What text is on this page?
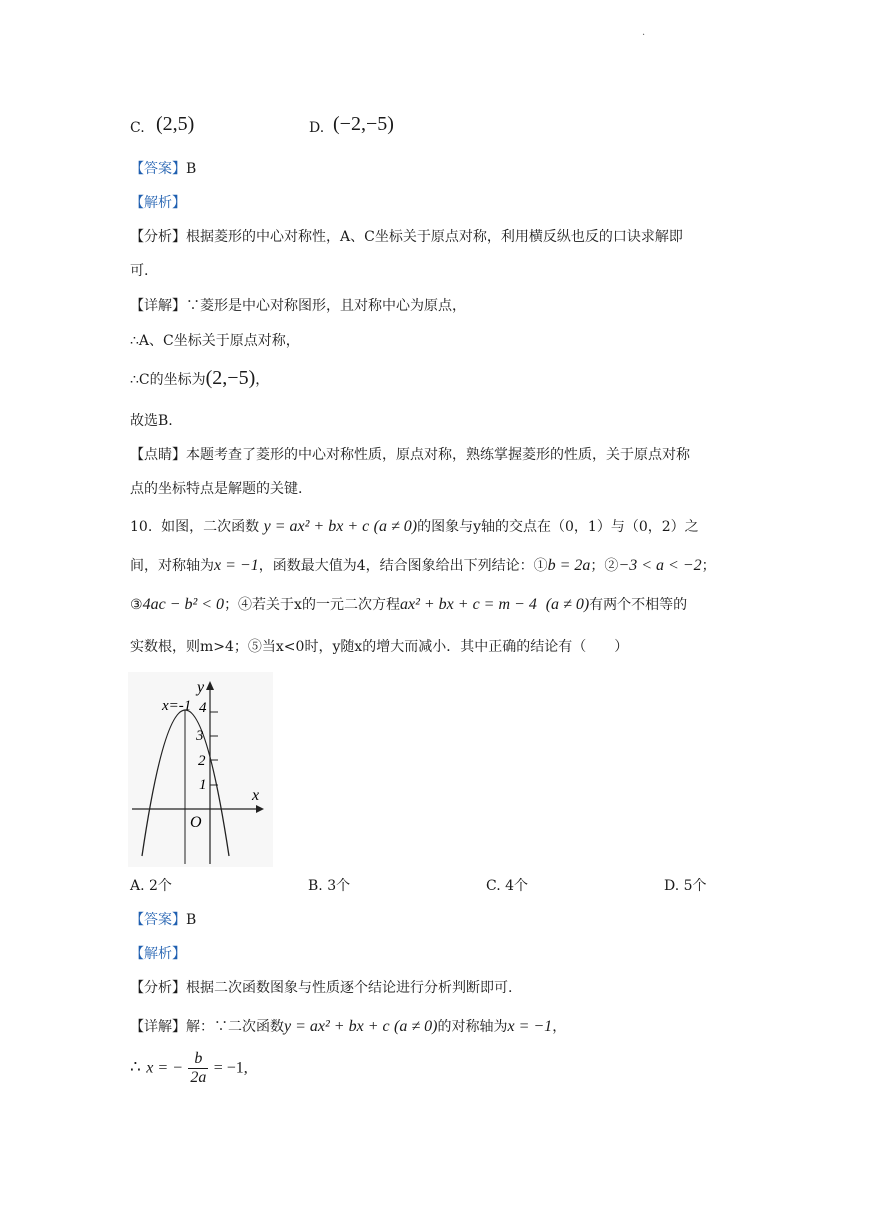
·
C. (2,5)	D. (−2,−5)
【答案】B
【解析】
【分析】根据菱形的中心对称性，A、C坐标关于原点对称，利用横反纵也反的口诀求解即
可.
【详解】∵菱形是中心对称图形，且对称中心为原点，
∴A、C坐标关于原点对称，
∴C的坐标为(2,−5)，
故选B.
【点睛】本题考查了菱形的中心对称性质，原点对称，熟练掌握菱形的性质，关于原点对称
点的坐标特点是解题的关键.
10. 如图，二次函数 y = ax² + bx + c (a ≠ 0)的图象与y轴的交点在（0，1）与（0，2）之
间，对称轴为x = −1，函数最大值为4，结合图象给出下列结论：①b = 2a；②−3 < a < −2；
③4ac − b² < 0；④若关于x的一元二次方程ax² + bx + c = m − 4 (a ≠ 0)有两个不相等的
实数根，则m>4；⑤当x<0时，y随x的增大而减小．其中正确的结论有（　　）
y
x
O
x=-1 4
3
2
1
A. 2个	B. 3个	C. 4个	D. 5个
【答案】B
【解析】
【分析】根据二次函数图象与性质逐个结论进行分析判断即可.
【详解】解：∵二次函数y = ax² + bx + c (a ≠ 0)的对称轴为x = −1，
∴ x = − $\frac{b}{2a} = -1$,
